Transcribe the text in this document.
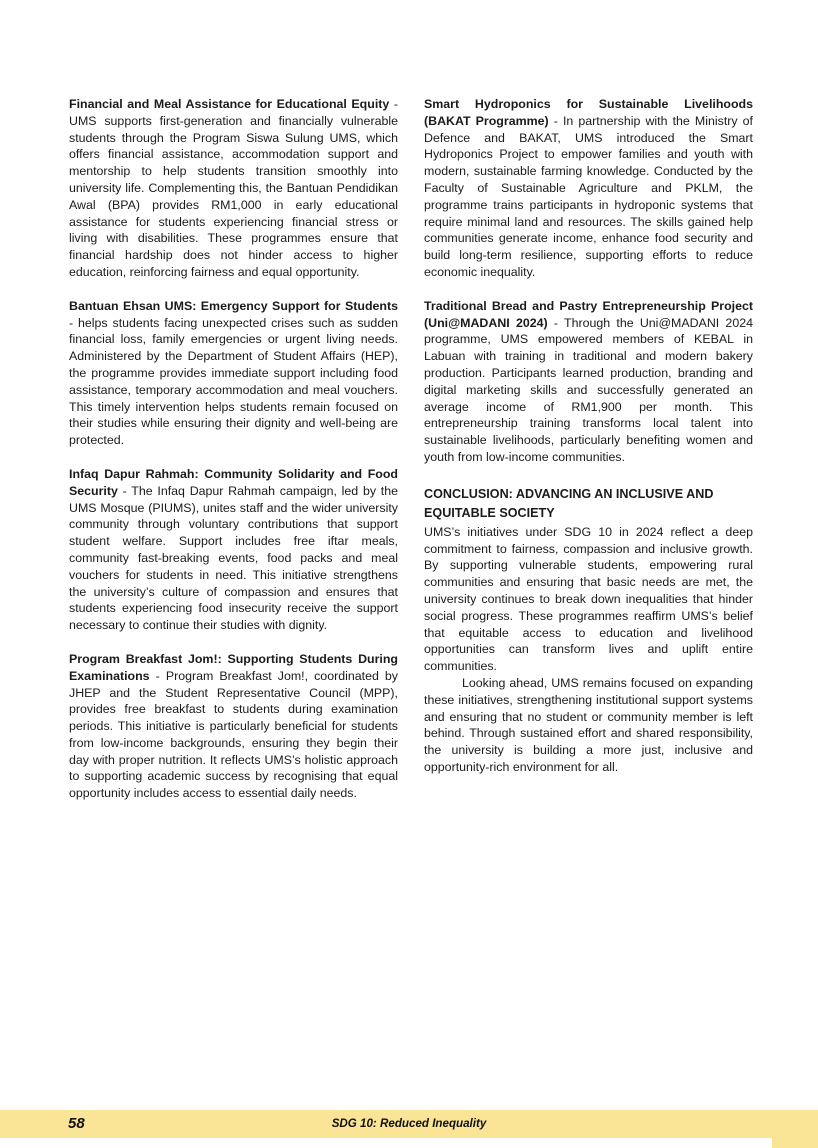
Financial and Meal Assistance for Educational Equity - UMS supports first-generation and financially vulnerable students through the Program Siswa Sulung UMS, which offers financial assistance, accommodation support and mentorship to help students transition smoothly into university life. Complementing this, the Bantuan Pendidikan Awal (BPA) provides RM1,000 in early educational assistance for students experiencing financial stress or living with disabilities. These programmes ensure that financial hardship does not hinder access to higher education, reinforcing fairness and equal opportunity.

Bantuan Ehsan UMS: Emergency Support for Students - helps students facing unexpected crises such as sudden financial loss, family emergencies or urgent living needs. Administered by the Department of Student Affairs (HEP), the programme provides immediate support including food assistance, temporary accommodation and meal vouchers. This timely intervention helps students remain focused on their studies while ensuring their dignity and well-being are protected.

Infaq Dapur Rahmah: Community Solidarity and Food Security - The Infaq Dapur Rahmah campaign, led by the UMS Mosque (PIUMS), unites staff and the wider university community through voluntary contributions that support student welfare. Support includes free iftar meals, community fast-breaking events, food packs and meal vouchers for students in need. This initiative strengthens the university’s culture of compassion and ensures that students experiencing food insecurity receive the support necessary to continue their studies with dignity.

Program Breakfast Jom!: Supporting Students During Examinations - Program Breakfast Jom!, coordinated by JHEP and the Student Representative Council (MPP), provides free breakfast to students during examination periods. This initiative is particularly beneficial for students from low-income backgrounds, ensuring they begin their day with proper nutrition. It reflects UMS’s holistic approach to supporting academic success by recognising that equal opportunity includes access to essential daily needs.

Smart Hydroponics for Sustainable Livelihoods (BAKAT Programme) - In partnership with the Ministry of Defence and BAKAT, UMS introduced the Smart Hydroponics Project to empower families and youth with modern, sustainable farming knowledge. Conducted by the Faculty of Sustainable Agriculture and PKLM, the programme trains participants in hydroponic systems that require minimal land and resources. The skills gained help communities generate income, enhance food security and build long-term resilience, supporting efforts to reduce economic inequality.

Traditional Bread and Pastry Entrepreneurship Project (Uni@MADANI 2024) - Through the Uni@MADANI 2024 programme, UMS empowered members of KEBAL in Labuan with training in traditional and modern bakery production. Participants learned production, branding and digital marketing skills and successfully generated an average income of RM1,900 per month. This entrepreneurship training transforms local talent into sustainable livelihoods, particularly benefiting women and youth from low-income communities.

CONCLUSION: ADVANCING AN INCLUSIVE AND EQUITABLE SOCIETY

UMS’s initiatives under SDG 10 in 2024 reflect a deep commitment to fairness, compassion and inclusive growth. By supporting vulnerable students, empowering rural communities and ensuring that basic needs are met, the university continues to break down inequalities that hinder social progress. These programmes reaffirm UMS’s belief that equitable access to education and livelihood opportunities can transform lives and uplift entire communities.

Looking ahead, UMS remains focused on expanding these initiatives, strengthening institutional support systems and ensuring that no student or community member is left behind. Through sustained effort and shared responsibility, the university is building a more just, inclusive and opportunity-rich environment for all.

58	SDG 10: Reduced Inequality
